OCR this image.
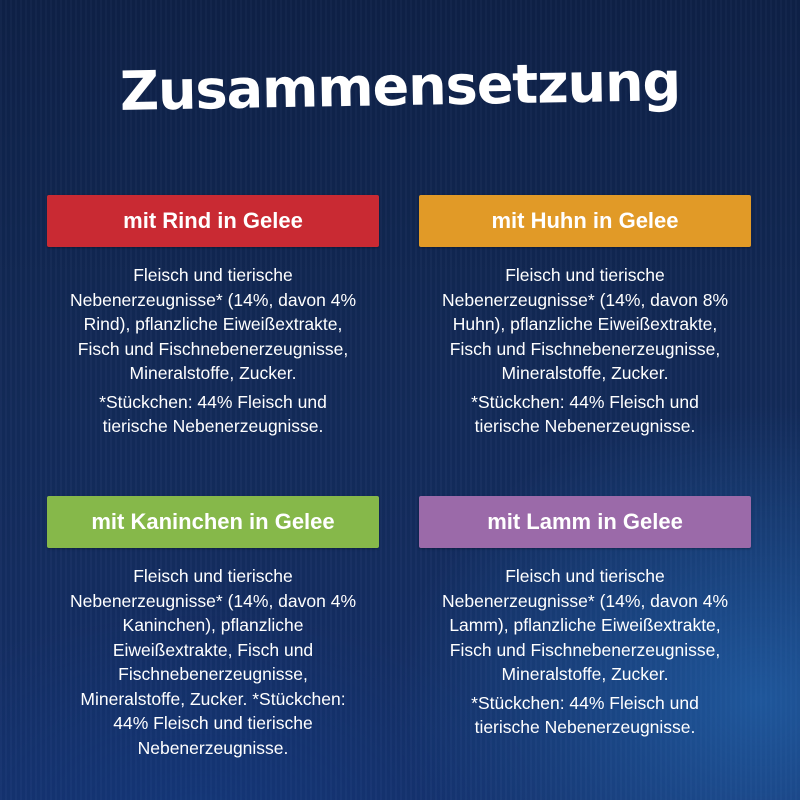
Zusammensetzung
mit Rind in Gelee
Fleisch und tierische
Nebenerzeugnisse* (14%, davon 4%
Rind), pflanzliche Eiweißextrakte,
Fisch und Fischnebenerzeugnisse,
Mineralstoffe, Zucker.
*Stückchen: 44% Fleisch und
tierische Nebenerzeugnisse.
mit Huhn in Gelee
Fleisch und tierische
Nebenerzeugnisse* (14%, davon 8%
Huhn), pflanzliche Eiweißextrakte,
Fisch und Fischnebenerzeugnisse,
Mineralstoffe, Zucker.
*Stückchen: 44% Fleisch und
tierische Nebenerzeugnisse.
mit Kaninchen in Gelee
Fleisch und tierische
Nebenerzeugnisse* (14%, davon 4%
Kaninchen), pflanzliche
Eiweißextrakte, Fisch und
Fischnebenerzeugnisse,
Mineralstoffe, Zucker. *Stückchen:
44% Fleisch und tierische
Nebenerzeugnisse.
mit Lamm in Gelee
Fleisch und tierische
Nebenerzeugnisse* (14%, davon 4%
Lamm), pflanzliche Eiweißextrakte,
Fisch und Fischnebenerzeugnisse,
Mineralstoffe, Zucker.
*Stückchen: 44% Fleisch und
tierische Nebenerzeugnisse.
